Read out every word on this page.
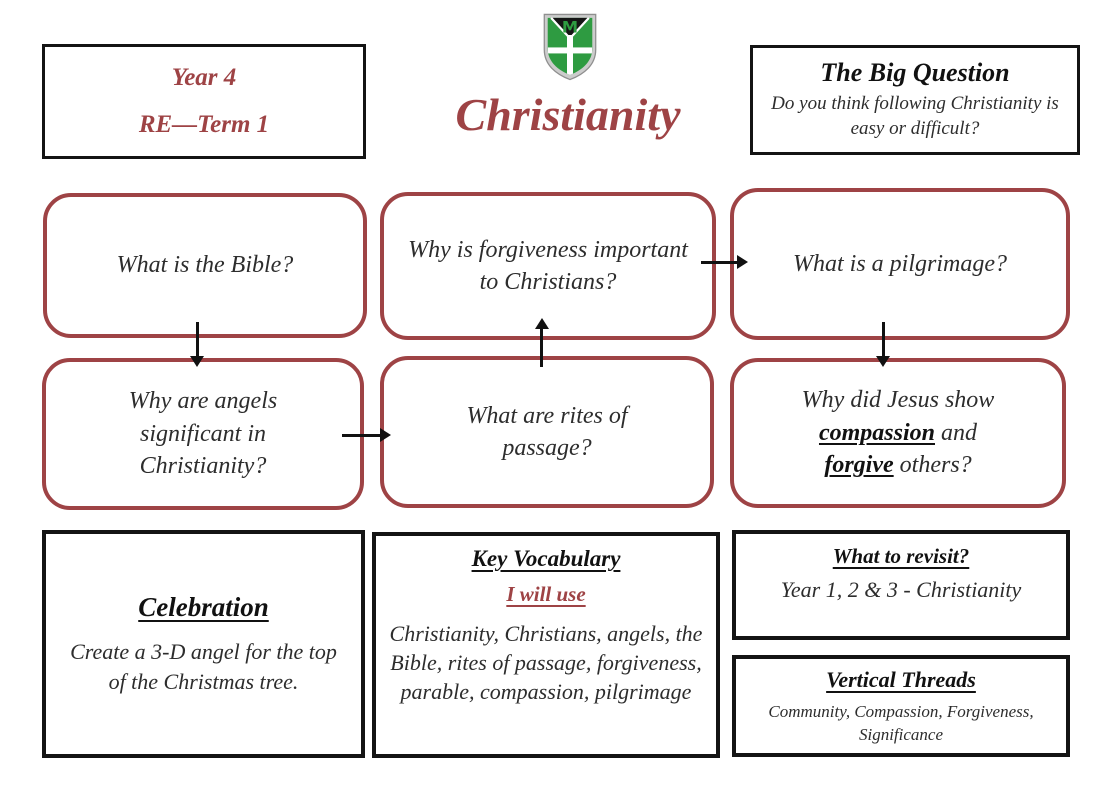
Year 4
RE—Term 1
M
Christianity
The Big Question
Do you think following Christianity is easy or difficult?
What is the Bible?
Why is forgiveness important to Christians?
What is a pilgrimage?
Why are angels significant in Christianity?
What are rites of passage?
Why did Jesus show
compassion and
forgive others?
Celebration
Create a 3-D angel for the top of the Christmas tree.
Key Vocabulary
I will use
Christianity, Christians, angels, the Bible, rites of passage, forgiveness, parable, compassion, pilgrimage
What to revisit?
Year 1, 2 & 3 - Christianity
Vertical Threads
Community, Compassion, Forgiveness, Significance
